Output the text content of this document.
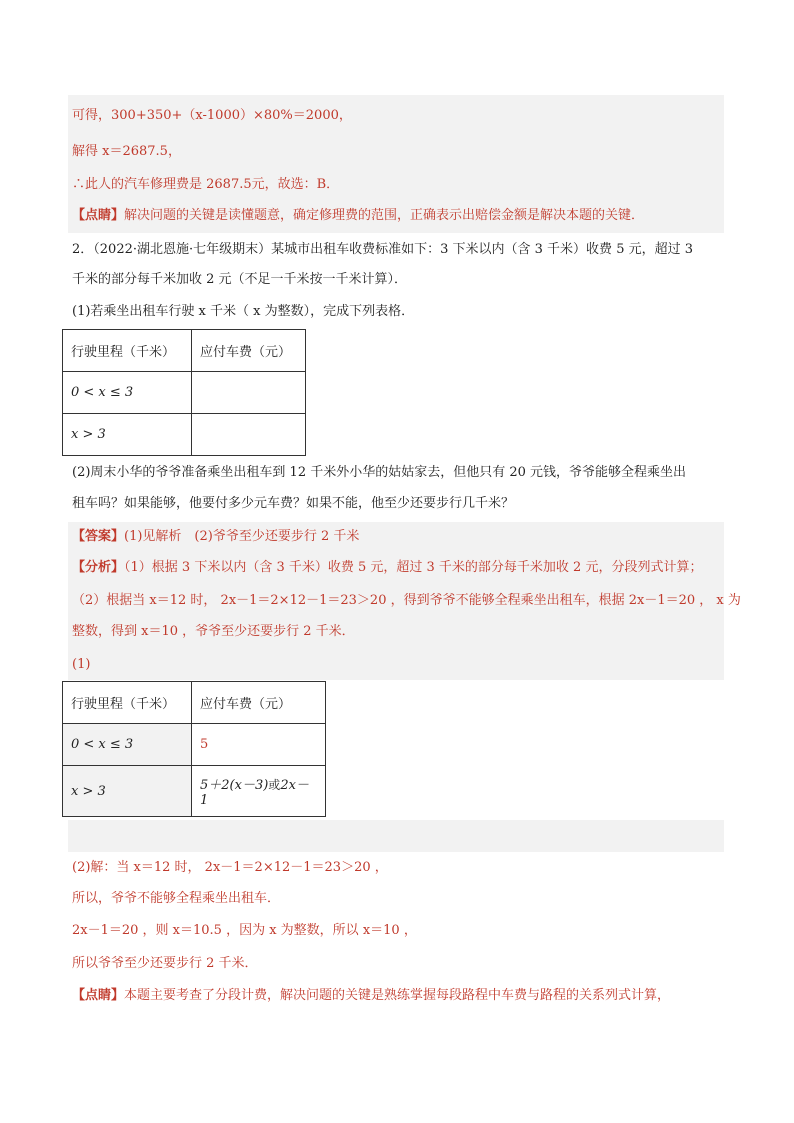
可得，300+350+（x-1000）×80%＝2000，
解得 x＝2687.5，
∴此人的汽车修理费是 2687.5元，故选：B．
【点睛】解决问题的关键是读懂题意，确定修理费的范围，正确表示出赔偿金额是解决本题的关键．
2．（2022·湖北恩施·七年级期末）某城市出租车收费标准如下：3 下米以内（含 3 千米）收费 5 元，超过 3
千米的部分每千米加收 2 元（不足一千米按一千米计算）．
(1)若乘坐出租车行驶 x 千米（ x 为整数），完成下列表格．
行驶里程（千米）	应付车费（元）
0 < x ≤ 3	
x > 3	
(2)周末小华的爷爷准备乘坐出租车到 12 千米外小华的姑姑家去，但他只有 20 元钱，爷爷能够全程乘坐出
租车吗？如果能够，他要付多少元车费？如果不能，他至少还要步行几千米？
【答案】(1)见解析　(2)爷爷至少还要步行 2 千米
【分析】（1）根据 3 下米以内（含 3 千米）收费 5 元，超过 3 千米的部分每千米加收 2 元，分段列式计算；
（2）根据当 x＝12 时， 2x－1＝2×12－1＝23＞20 ，得到爷爷不能够全程乘坐出租车，根据 2x－1＝20 ， x 为
整数，得到 x＝10 ，爷爷至少还要步行 2 千米．
(1)
行驶里程（千米）	应付车费（元）
0 < x ≤ 3	5
x > 3	5＋2(x－3)或2x－1
(2)解：当 x＝12 时， 2x－1＝2×12－1＝23＞20 ，
所以，爷爷不能够全程乘坐出租车．
2x－1＝20 ，则 x＝10.5 ，因为 x 为整数，所以 x＝10 ，
所以爷爷至少还要步行 2 千米．
【点睛】本题主要考查了分段计费，解决问题的关键是熟练掌握每段路程中车费与路程的关系列式计算，
